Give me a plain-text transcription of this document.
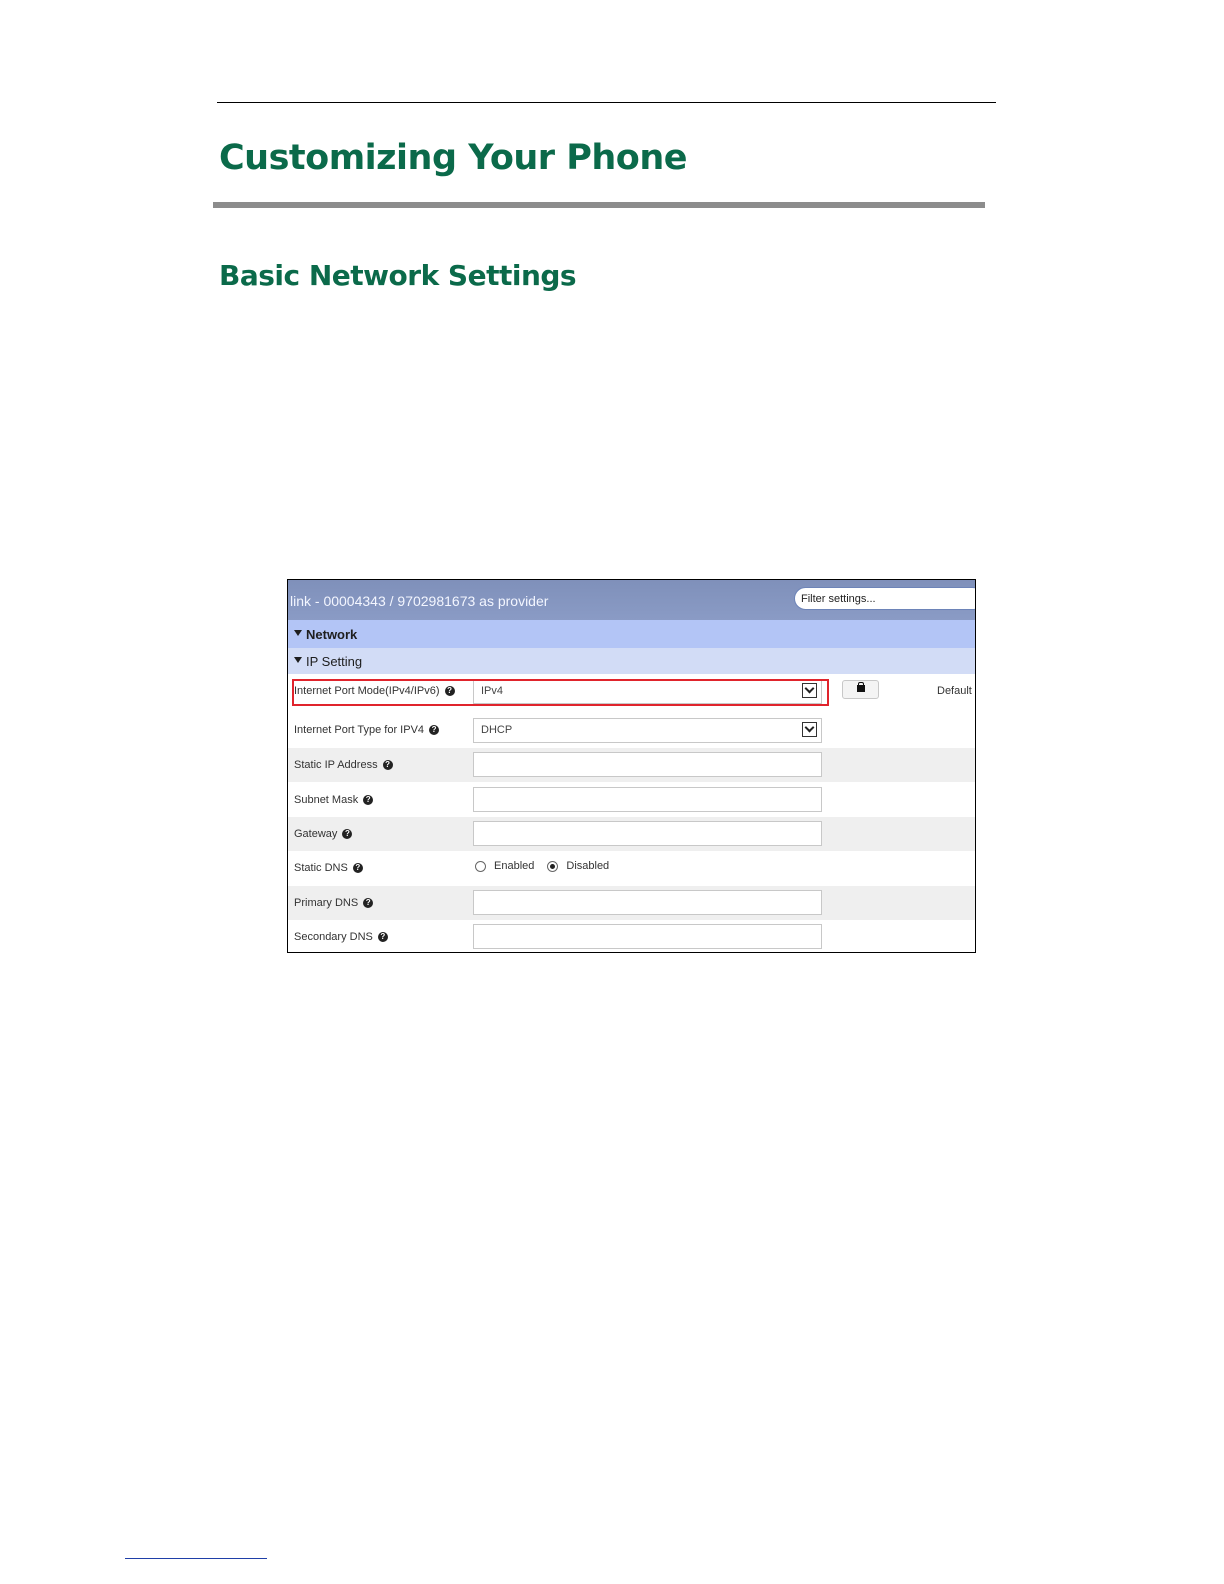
Customizing Your Phone
Basic Network Settings
link - 00004343 / 9702981673 as provider
Filter settings...
Network
IP Setting
Internet Port Mode(IPv4/IPv6) ?	IPv4	Default
Internet Port Type for IPV4 ?	DHCP
Static IP Address ?
Subnet Mask ?
Gateway ?
Static DNS ?	Enabled	Disabled
Primary DNS ?
Secondary DNS ?
